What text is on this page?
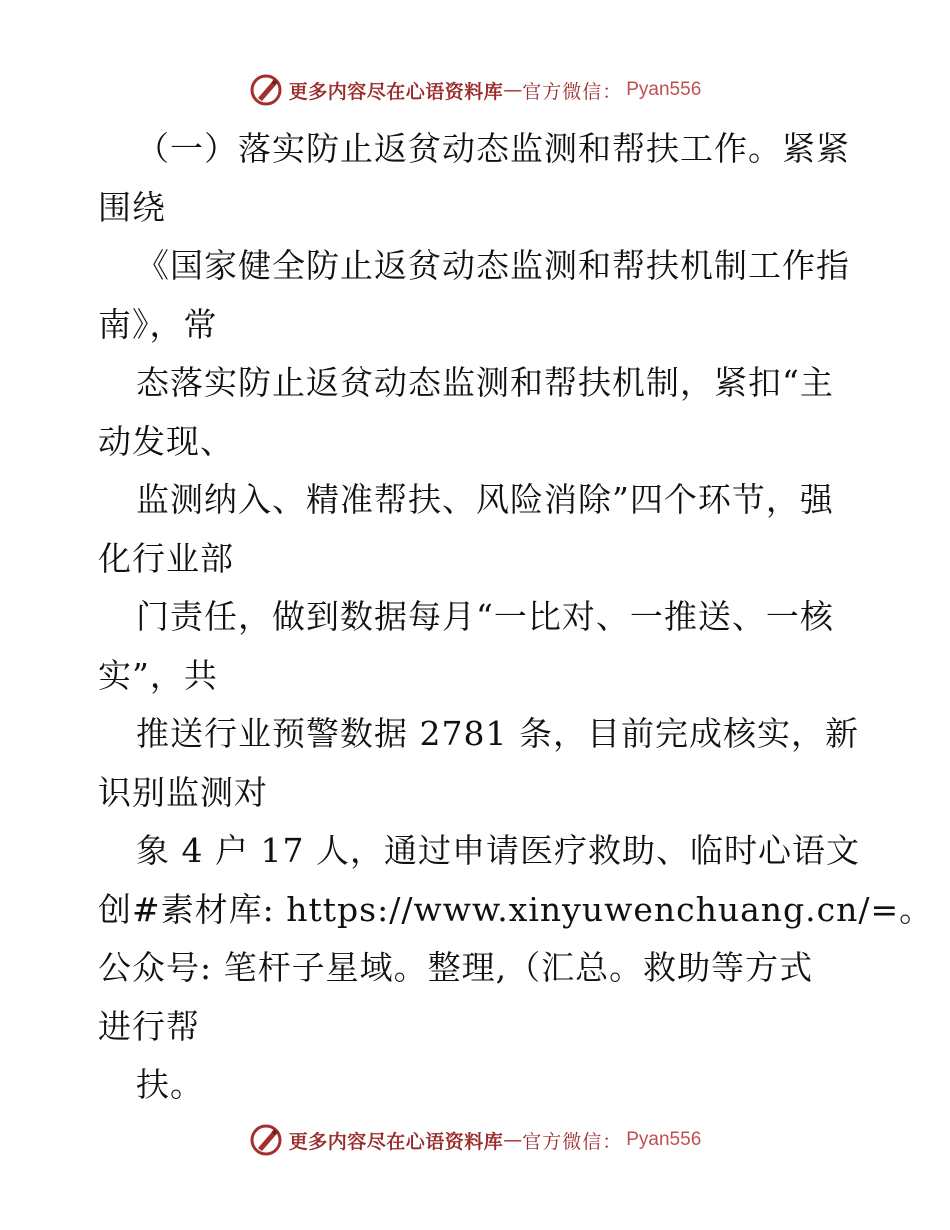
更多内容尽在心语资料库 — 官方微信： Pyan556
（一）落实防止返贫动态监测和帮扶工作。紧紧
围绕
《国家健全防止返贫动态监测和帮扶机制工作指
南》，常
态落实防止返贫动态监测和帮扶机制，紧扣“主
动发现、
监测纳入、精准帮扶、风险消除”四个环节，强
化行业部
门责任，做到数据每月“一比对、一推送、一核
实”，共
推送行业预警数据 2781 条，目前完成核实，新
识别监测对
象 4 户 17 人，通过申请医疗救助、临时心语文
创#素材库: https://www.xinyuwenchuang.cn/=。
公众号: 笔杆子星域。整理,（汇总。救助等方式
进行帮
扶。
更多内容尽在心语资料库 — 官方微信： Pyan556
